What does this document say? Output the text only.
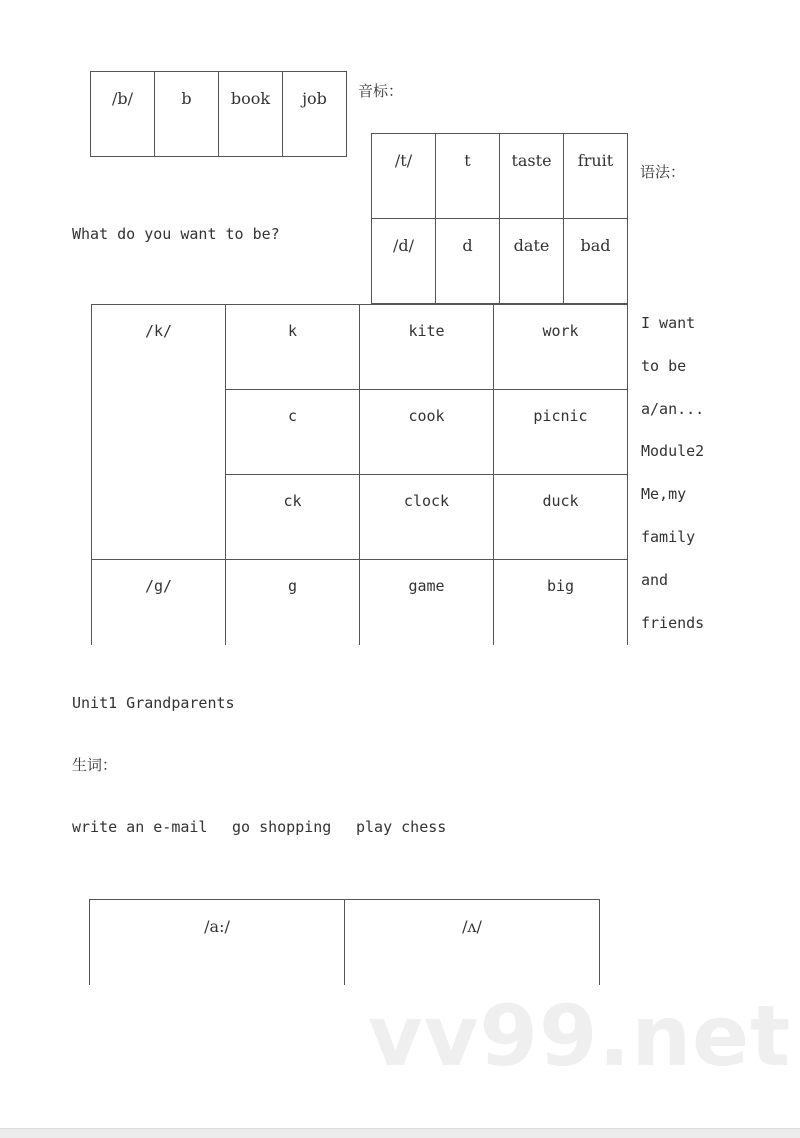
/b/	b	book	job 音标：
/t/	t	taste	fruit
/d/	d	date	bad
语法：
What do you want to be?
/k/	k	kite	work
	c	cook	picnic
	ck	clock	duck
/g/	g	game	big
I want
to be
a/an...
Module2
Me,my
family
and
friends
Unit1 Grandparents
生词：
write an e-mail go shopping play chess
/a:/	/ʌ/
vv99.net
